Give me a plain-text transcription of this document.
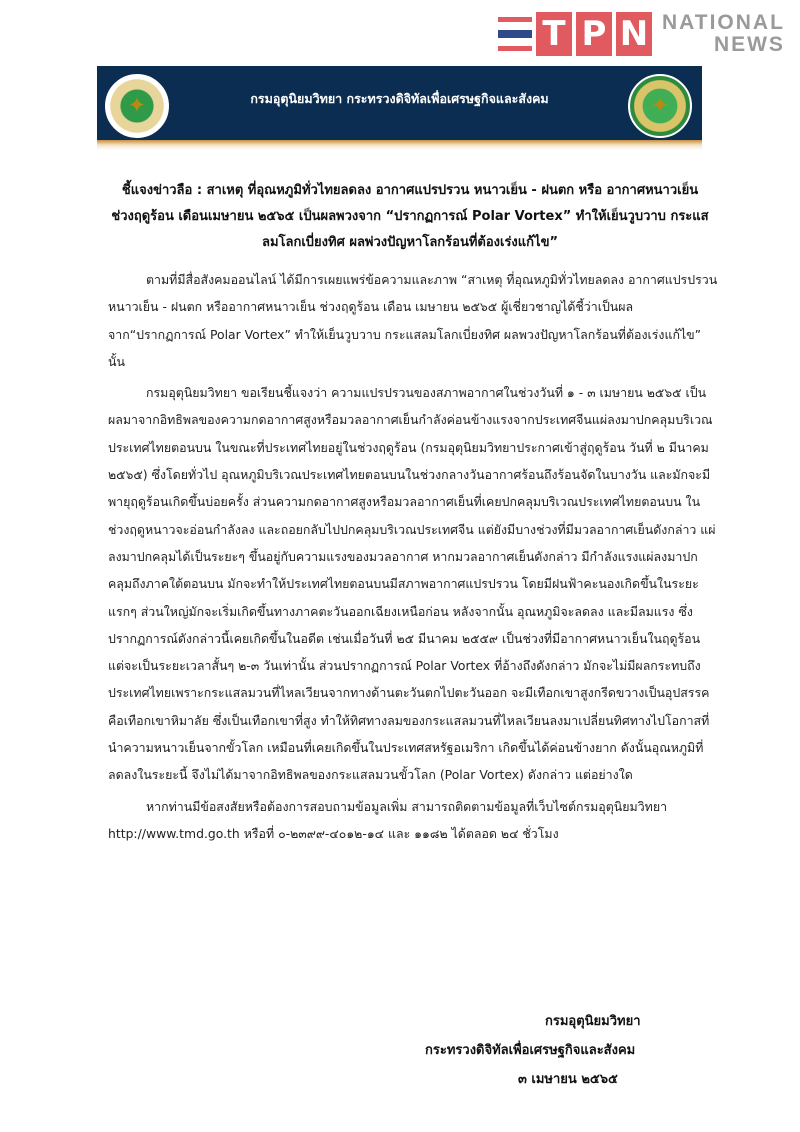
T P N NATIONAL
NEWS
✦	กรมอุตุนิยมวิทยา กระทรวงดิจิทัลเพื่อเศรษฐกิจและสังคม	✦
ชี้แจงข่าวลือ : สาเหตุ ที่อุณหภูมิทั่วไทยลดลง อากาศแปรปรวน หนาวเย็น - ฝนตก หรือ อากาศหนาวเย็น ช่วงฤดูร้อน เดือนเมษายน ๒๕๖๕ เป็นผลพวงจาก “ปรากฏการณ์ Polar Vortex” ทำให้เย็นวูบวาบ กระแสลมโลกเบี่ยงทิศ ผลพ่วงปัญหาโลกร้อนที่ต้องเร่งแก้ไข”

ตามที่มีสื่อสังคมออนไลน์ ได้มีการเผยแพร่ข้อความและภาพ “สาเหตุ ที่อุณหภูมิทั่วไทยลดลง อากาศแปรปรวน หนาวเย็น - ฝนตก หรืออากาศหนาวเย็น ช่วงฤดูร้อน เดือน เมษายน ๒๕๖๕ ผู้เชี่ยวชาญได้ชี้ว่าเป็นผลจาก“ปรากฏการณ์ Polar Vortex” ทำให้เย็นวูบวาบ กระแสลมโลกเบี่ยงทิศ ผลพวงปัญหาโลกร้อนที่ต้องเร่งแก้ไข” นั้น

กรมอุตุนิยมวิทยา ขอเรียนชี้แจงว่า ความแปรปรวนของสภาพอากาศในช่วงวันที่ ๑ - ๓ เมษายน ๒๕๖๕ เป็นผลมาจากอิทธิพลของความกดอากาศสูงหรือมวลอากาศเย็นกำลังค่อนข้างแรงจากประเทศจีนแผ่ลงมาปกคลุมบริเวณประเทศไทยตอนบน ในขณะที่ประเทศไทยอยู่ในช่วงฤดูร้อน (กรมอุตุนิยมวิทยาประกาศเข้าสู่ฤดูร้อน วันที่ ๒ มีนาคม ๒๕๖๕) ซึ่งโดยทั่วไป อุณหภูมิบริเวณประเทศไทยตอนบนในช่วงกลางวันอากาศร้อนถึงร้อนจัดในบางวัน และมักจะมีพายุฤดูร้อนเกิดขึ้นบ่อยครั้ง ส่วนความกดอากาศสูงหรือมวลอากาศเย็นที่เคยปกคลุมบริเวณประเทศไทยตอนบน ในช่วงฤดูหนาวจะอ่อนกำลังลง และถอยกลับไปปกคลุมบริเวณประเทศจีน แต่ยังมีบางช่วงที่มีมวลอากาศเย็นดังกล่าว แผ่ลงมาปกคลุมได้เป็นระยะๆ ขึ้นอยู่กับความแรงของมวลอากาศ หากมวลอากาศเย็นดังกล่าว มีกำลังแรงแผ่ลงมาปกคลุมถึงภาคใต้ตอนบน มักจะทำให้ประเทศไทยตอนบนมีสภาพอากาศแปรปรวน โดยมีฝนฟ้าคะนองเกิดขึ้นในระยะแรกๆ ส่วนใหญ่มักจะเริ่มเกิดขึ้นทางภาคตะวันออกเฉียงเหนือก่อน หลังจากนั้น อุณหภูมิจะลดลง และมีลมแรง ซึ่งปรากฏการณ์ดังกล่าวนี้เคยเกิดขึ้นในอดีต เช่นเมื่อวันที่ ๒๕ มีนาคม ๒๕๕๙ เป็นช่วงที่มีอากาศหนาวเย็นในฤดูร้อน แต่จะเป็นระยะเวลาสั้นๆ ๒-๓ วันเท่านั้น ส่วนปรากฏการณ์ Polar Vortex ที่อ้างถึงดังกล่าว มักจะไม่มีผลกระทบถึงประเทศไทยเพราะกระแสลมวนที่ไหลเวียนจากทางด้านตะวันตกไปตะวันออก จะมีเทือกเขาสูงกรีดขวางเป็นอุปสรรคคือเทือกเขาหิมาลัย ซึ่งเป็นเทือกเขาที่สูง ทำให้ทิศทางลมของกระแสลมวนที่ไหลเวียนลงมาเปลี่ยนทิศทางไปโอกาสที่นำความหนาวเย็นจากขั้วโลก เหมือนที่เคยเกิดขึ้นในประเทศสหรัฐอเมริกา เกิดขึ้นได้ค่อนข้างยาก ดังนั้นอุณหภูมิที่ลดลงในระยะนี้ จึงไม่ได้มาจากอิทธิพลของกระแสลมวนขั้วโลก (Polar Vortex) ดังกล่าว แต่อย่างใด

หากท่านมีข้อสงสัยหรือต้องการสอบถามข้อมูลเพิ่ม สามารถติดตามข้อมูลที่เว็บไซต์กรมอุตุนิยมวิทยา http://www.tmd.go.th หรือที่ ๐-๒๓๙๙-๔๐๑๒-๑๔ และ ๑๑๘๒ ได้ตลอด ๒๔ ชั่วโมง

กรมอุตุนิยมวิทยา
กระทรวงดิจิทัลเพื่อเศรษฐกิจและสังคม
๓ เมษายน ๒๕๖๕
